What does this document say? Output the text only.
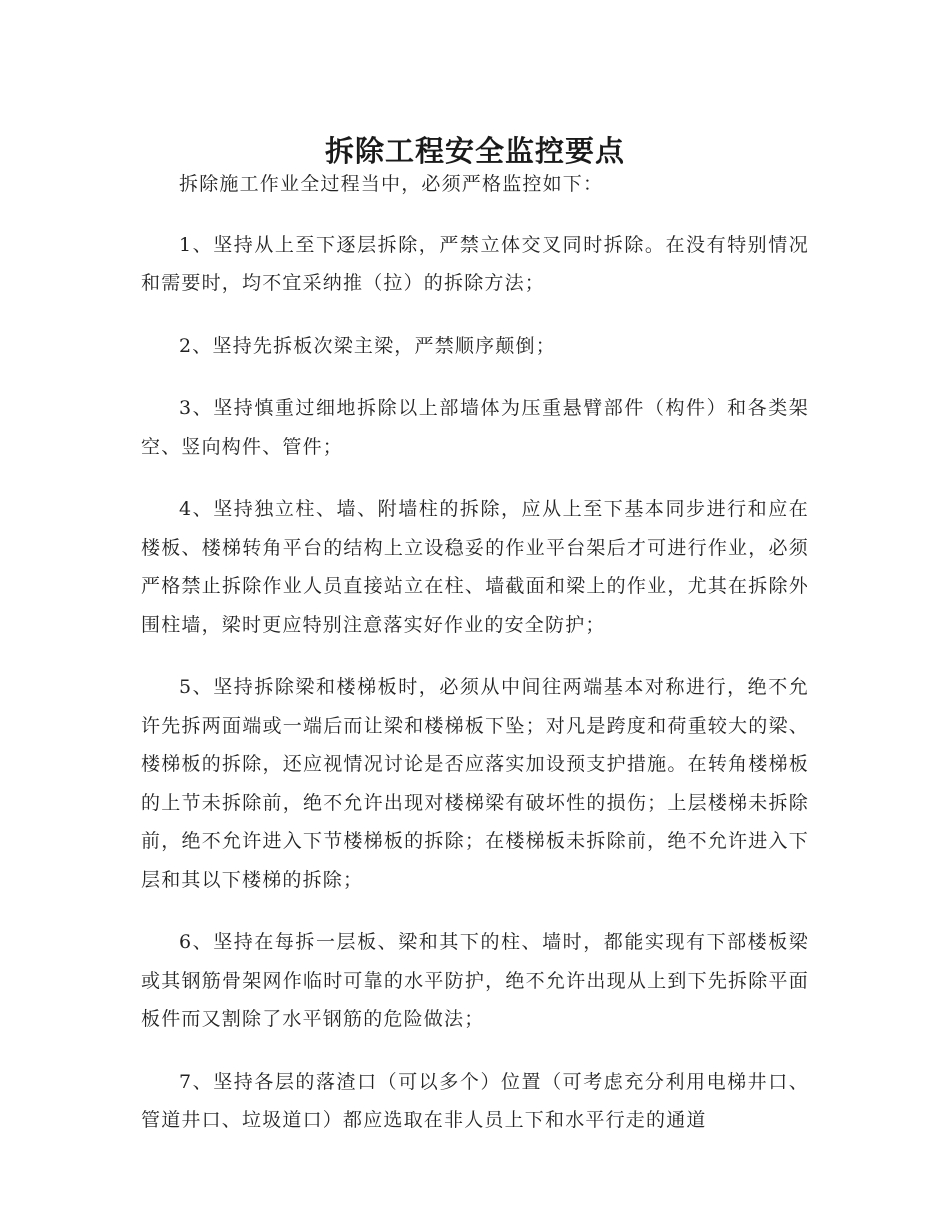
拆除工程安全监控要点

拆除施工作业全过程当中，必须严格监控如下：

1、坚持从上至下逐层拆除，严禁立体交叉同时拆除。在没有特别情况和需要时，均不宜采纳推（拉）的拆除方法；

2、坚持先拆板次梁主梁，严禁顺序颠倒；

3、坚持慎重过细地拆除以上部墙体为压重悬臂部件（构件）和各类架空、竖向构件、管件；

4、坚持独立柱、墙、附墙柱的拆除，应从上至下基本同步进行和应在楼板、楼梯转角平台的结构上立设稳妥的作业平台架后才可进行作业，必须严格禁止拆除作业人员直接站立在柱、墙截面和梁上的作业，尤其在拆除外围柱墙，梁时更应特别注意落实好作业的安全防护；

5、坚持拆除梁和楼梯板时，必须从中间往两端基本对称进行，绝不允许先拆两面端或一端后而让梁和楼梯板下坠；对凡是跨度和荷重较大的梁、楼梯板的拆除，还应视情况讨论是否应落实加设预支护措施。在转角楼梯板的上节未拆除前，绝不允许出现对楼梯梁有破坏性的损伤；上层楼梯未拆除前，绝不允许进入下节楼梯板的拆除；在楼梯板未拆除前，绝不允许进入下层和其以下楼梯的拆除；

6、坚持在每拆一层板、梁和其下的柱、墙时，都能实现有下部楼板梁或其钢筋骨架网作临时可靠的水平防护，绝不允许出现从上到下先拆除平面板件而又割除了水平钢筋的危险做法；

7、坚持各层的落渣口（可以多个）位置（可考虑充分利用电梯井口、管道井口、垃圾道口）都应选取在非人员上下和水平行走的通道
